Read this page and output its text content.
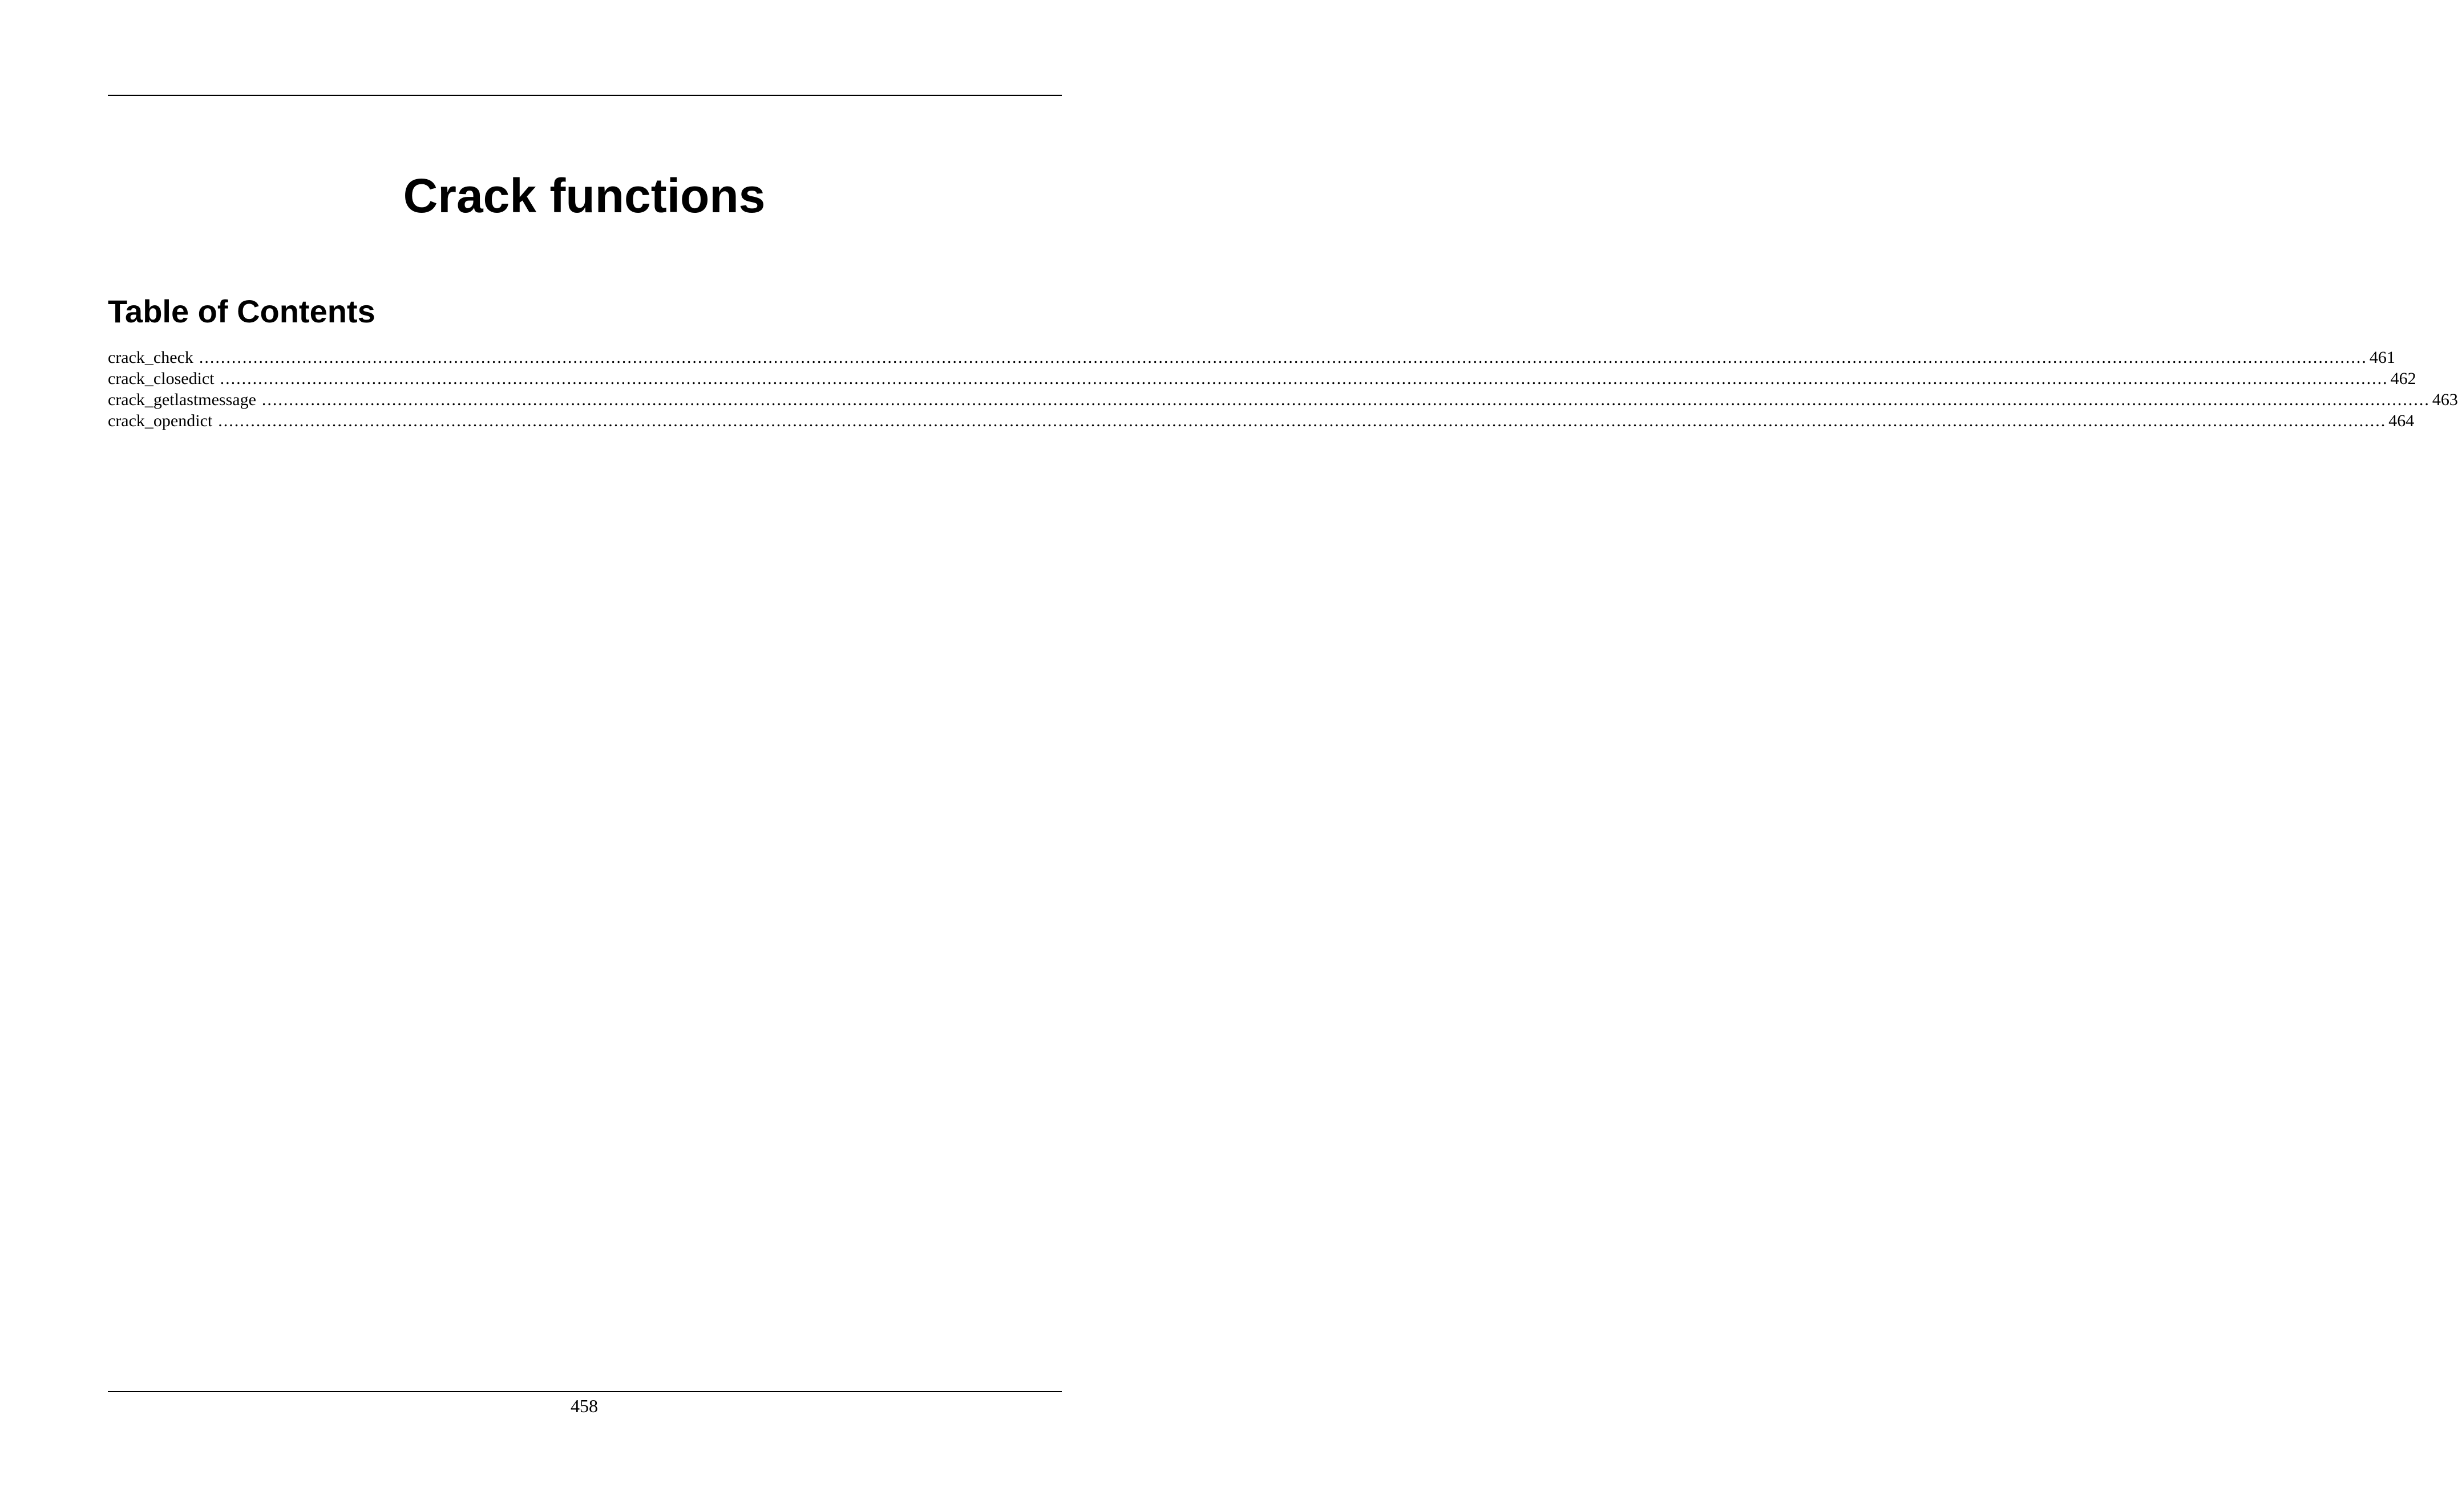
Crack functions
Table of Contents
crack_check ................................................................................................................................................................................................................................................................................................................................................................................................................ 461
crack_closedict ................................................................................................................................................................................................................................................................................................................................................................................................................ 462
crack_getlastmessage ................................................................................................................................................................................................................................................................................................................................................................................................................ 463
crack_opendict ................................................................................................................................................................................................................................................................................................................................................................................................................ 464
458
